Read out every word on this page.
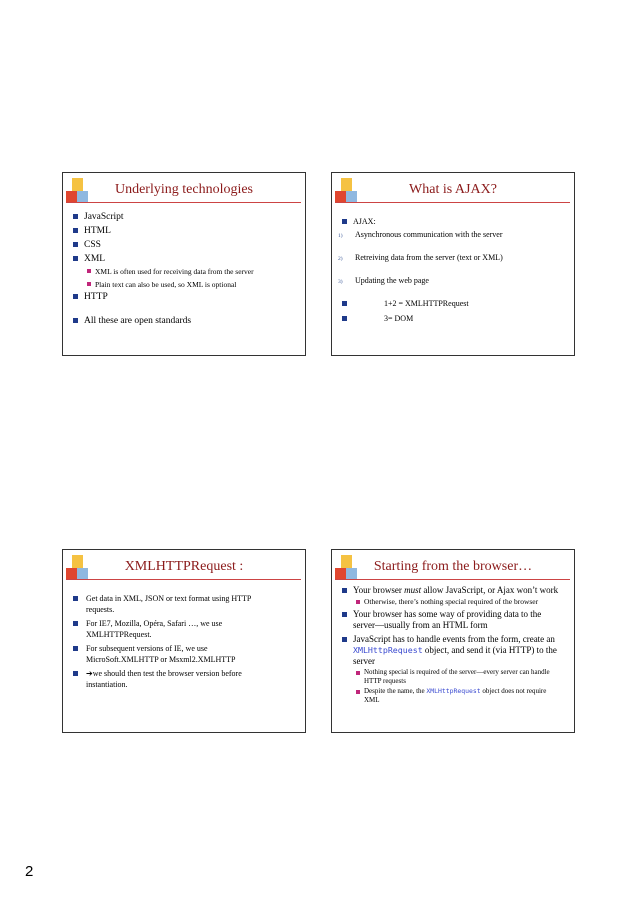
Underlying technologies
JavaScript
HTML
CSS
XML
XML is often used for receiving data from the server
Plain text can also be used, so XML is optional
HTTP
All these are open standards
What is AJAX?
AJAX:
1) Asynchronous communication with the server
2) Retreiving data from the server (text or XML)
3) Updating the web page
1+2 = XMLHTTPRequest
3= DOM
XMLHTTPRequest :
Get data in XML, JSON or text format using HTTP requests.
For IE7, Mozilla, Opéra, Safari …, we use XMLHTTPRequest.
For subsequent versions of IE, we use MicroSoft.XMLHTTP or Msxml2.XMLHTTP
➔we should then test the browser version before instantiation.
Starting from the browser…
Your browser must allow JavaScript, or Ajax won’t work
Otherwise, there’s nothing special required of the browser
Your browser has some way of providing data to the server—usually from an HTML form
JavaScript has to handle events from the form, create an XMLHttpRequest object, and send it (via HTTP) to the server
Nothing special is required of the server—every server can handle HTTP requests
Despite the name, the XMLHttpRequest object does not require XML
2
